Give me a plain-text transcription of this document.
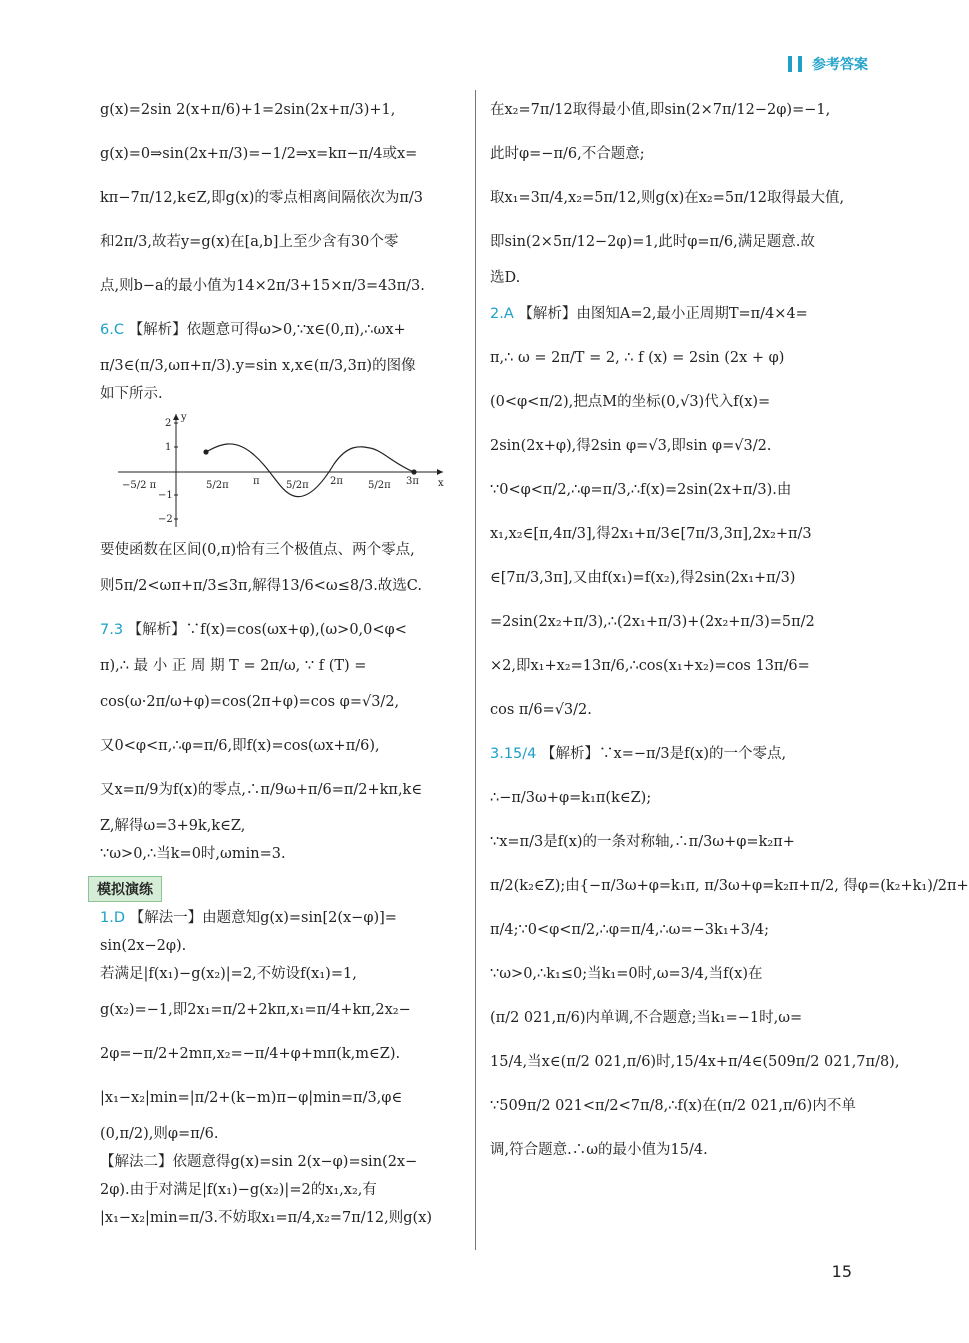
参考答案

g(x)=2sin 2(x+π/6)+1=2sin(2x+π/3)+1,

g(x)=0⇒sin(2x+π/3)=−1/2⇒x=kπ−π/4或x=

kπ−7π/12,k∈Z,即g(x)的零点相离间隔依次为π/3

和2π/3,故若y=g(x)在[a,b]上至少含有30个零

点,则b−a的最小值为14×2π/3+15×π/3=43π/3.

6.C 【解析】依题意可得ω>0,∵x∈(0,π),∴ωx+

π/3∈(π/3,ωπ+π/3).y=sin x,x∈(π/3,3π)的图像

如下所示.

y
x
2
1
−1
−2
−5/2 π	5/2π π	5/2π 2π	5/2π 3π

要使函数在区间(0,π)恰有三个极值点、两个零点,

则5π/2<ωπ+π/3≤3π,解得13/6<ω≤8/3.故选C.

7.3 【解析】∵f(x)=cos(ωx+φ),(ω>0,0<φ<

π),∴ 最 小 正 周 期 T = 2π/ω, ∵ f (T) =

cos(ω·2π/ω+φ)=cos(2π+φ)=cos φ=√3/2,

又0<φ<π,∴φ=π/6,即f(x)=cos(ωx+π/6),

又x=π/9为f(x)的零点,∴π/9ω+π/6=π/2+kπ,k∈

Z,解得ω=3+9k,k∈Z,

∵ω>0,∴当k=0时,ωmin=3.

模拟演练

1.D 【解法一】由题意知g(x)=sin[2(x−φ)]=

sin(2x−2φ).

若满足|f(x₁)−g(x₂)|=2,不妨设f(x₁)=1,

g(x₂)=−1,即2x₁=π/2+2kπ,x₁=π/4+kπ,2x₂−

2φ=−π/2+2mπ,x₂=−π/4+φ+mπ(k,m∈Z).

|x₁−x₂|min=|π/2+(k−m)π−φ|min=π/3,φ∈

(0,π/2),则φ=π/6.

【解法二】依题意得g(x)=sin 2(x−φ)=sin(2x−

2φ).由于对满足|f(x₁)−g(x₂)|=2的x₁,x₂,有

|x₁−x₂|min=π/3.不妨取x₁=π/4,x₂=7π/12,则g(x)

在x₂=7π/12取得最小值,即sin(2×7π/12−2φ)=−1,

此时φ=−π/6,不合题意;

取x₁=3π/4,x₂=5π/12,则g(x)在x₂=5π/12取得最大值,

即sin(2×5π/12−2φ)=1,此时φ=π/6,满足题意.故

选D.

2.A 【解析】由图知A=2,最小正周期T=π/4×4=

π,∴ ω = 2π/T = 2, ∴ f (x) = 2sin (2x + φ)

(0<φ<π/2),把点M的坐标(0,√3)代入f(x)=

2sin(2x+φ),得2sin φ=√3,即sin φ=√3/2.

∵0<φ<π/2,∴φ=π/3,∴f(x)=2sin(2x+π/3).由

x₁,x₂∈[π,4π/3],得2x₁+π/3∈[7π/3,3π],2x₂+π/3

∈[7π/3,3π],又由f(x₁)=f(x₂),得2sin(2x₁+π/3)

=2sin(2x₂+π/3),∴(2x₁+π/3)+(2x₂+π/3)=5π/2

×2,即x₁+x₂=13π/6,∴cos(x₁+x₂)=cos 13π/6=

cos π/6=√3/2.

3.15/4 【解析】∵x=−π/3是f(x)的一个零点,

∴−π/3ω+φ=k₁π(k∈Z);

∵x=π/3是f(x)的一条对称轴,∴π/3ω+φ=k₂π+

π/2(k₂∈Z);由{−π/3ω+φ=k₁π, π/3ω+φ=k₂π+π/2, 得φ=(k₂+k₁)/2π+

π/4;∵0<φ<π/2,∴φ=π/4,∴ω=−3k₁+3/4;

∵ω>0,∴k₁≤0;当k₁=0时,ω=3/4,当f(x)在

(π/2 021,π/6)内单调,不合题意;当k₁=−1时,ω=

15/4,当x∈(π/2 021,π/6)时,15/4x+π/4∈(509π/2 021,7π/8),

∵509π/2 021<π/2<7π/8,∴f(x)在(π/2 021,π/6)内不单

调,符合题意.∴ω的最小值为15/4.

15
